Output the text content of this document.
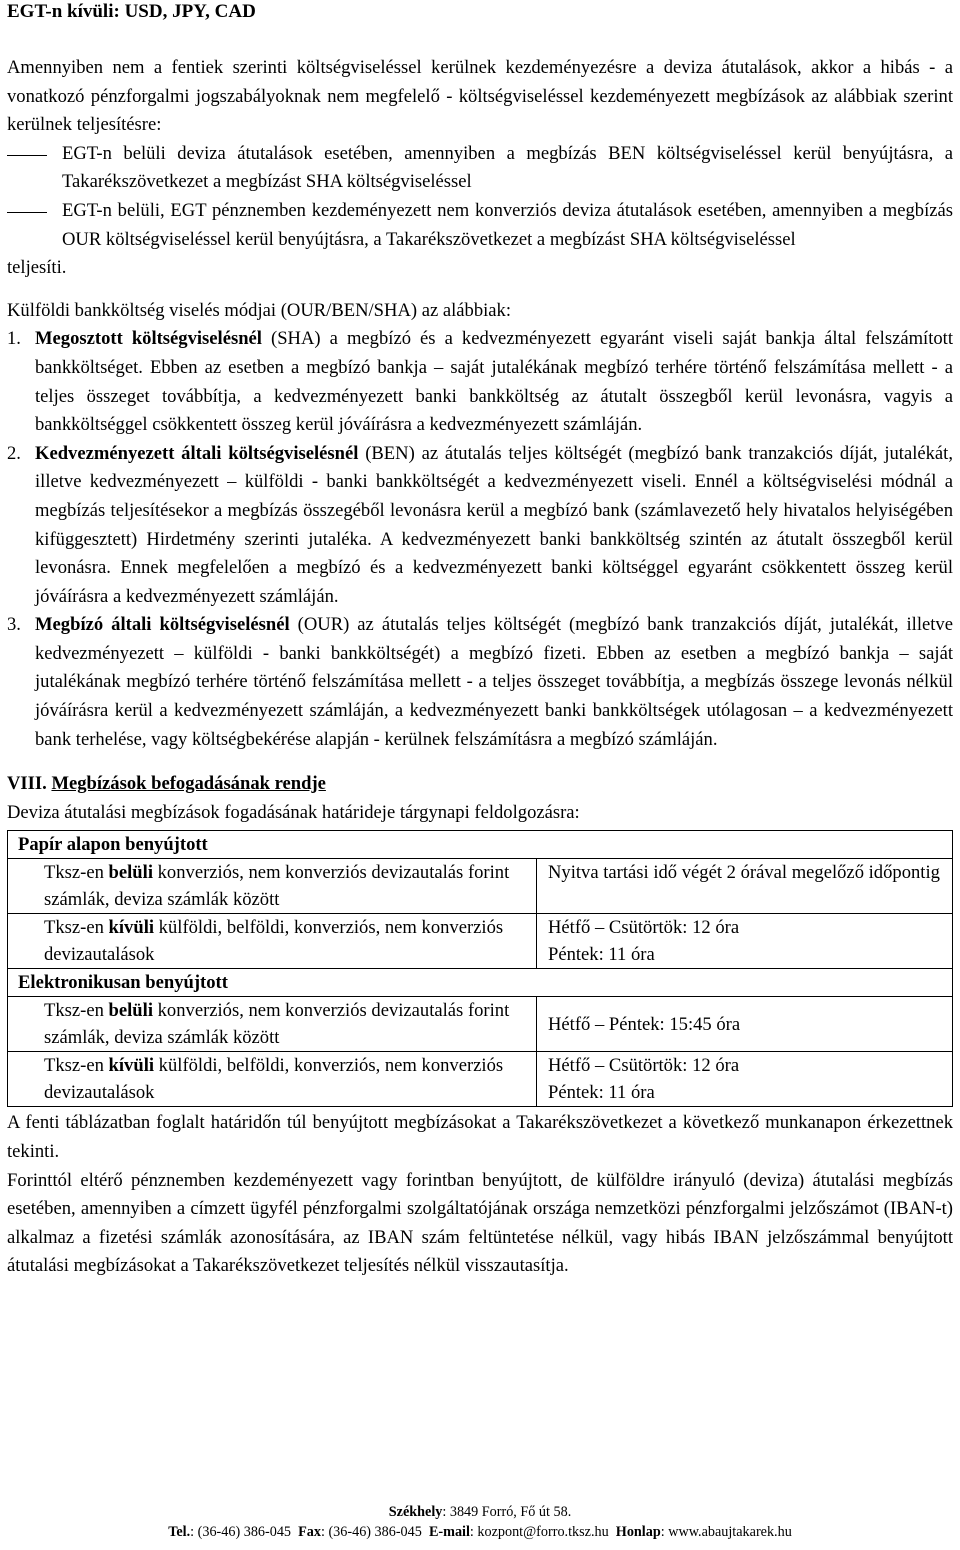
EGT-n kívüli: USD, JPY, CAD

Amennyiben nem a fentiek szerinti költségviseléssel kerülnek kezdeményezésre a deviza átutalások, akkor a hibás - a vonatkozó pénzforgalmi jogszabályoknak nem megfelelő - költségviseléssel kezdeményezett megbízások az alábbiak szerint kerülnek teljesítésre:

EGT-n belüli deviza átutalások esetében, amennyiben a megbízás BEN költségviseléssel kerül benyújtásra, a Takarékszövetkezet a megbízást SHA költségviseléssel
EGT-n belüli, EGT pénznemben kezdeményezett nem konverziós deviza átutalások esetében, amennyiben a megbízás OUR költségviseléssel kerül benyújtásra, a Takarékszövetkezet a megbízást SHA költségviseléssel

teljesíti.

Külföldi bankköltség viselés módjai (OUR/BEN/SHA) az alábbiak:

1. Megosztott költségviselésnél (SHA) a megbízó és a kedvezményezett egyaránt viseli saját bankja által felszámított bankköltséget. Ebben az esetben a megbízó bankja – saját jutalékának megbízó terhére történő felszámítása mellett - a teljes összeget továbbítja, a kedvezményezett banki bankköltség az átutalt összegből kerül levonásra, vagyis a bankköltséggel csökkentett összeg kerül jóváírásra a kedvezményezett számláján.
2. Kedvezményezett általi költségviselésnél (BEN) az átutalás teljes költségét (megbízó bank tranzakciós díját, jutalékát, illetve kedvezményezett – külföldi - banki bankköltségét a kedvezményezett viseli. Ennél a költségviselési módnál a megbízás teljesítésekor a megbízás összegéből levonásra kerül a megbízó bank (számlavezető hely hivatalos helyiségében kifüggesztett) Hirdetmény szerinti jutaléka. A kedvezményezett banki bankköltség szintén az átutalt összegből kerül levonásra. Ennek megfelelően a megbízó és a kedvezményezett banki költséggel egyaránt csökkentett összeg kerül jóváírásra a kedvezményezett számláján.
3. Megbízó általi költségviselésnél (OUR) az átutalás teljes költségét (megbízó bank tranzakciós díját, jutalékát, illetve kedvezményezett – külföldi - banki bankköltségét) a megbízó fizeti. Ebben az esetben a megbízó bankja – saját jutalékának megbízó terhére történő felszámítása mellett - a teljes összeget továbbítja, a megbízás összege levonás nélkül jóváírásra kerül a kedvezményezett számláján, a kedvezményezett banki bankköltségek utólagosan – a kedvezményezett bank terhelése, vagy költségbekérése alapján - kerülnek felszámításra a megbízó számláján.

VIII. Megbízások befogadásának rendje

Deviza átutalási megbízások fogadásának határideje tárgynapi feldolgozásra:

Papír alapon benyújtott	
Tksz-en belüli konverziós, nem konverziós devizautalás forint számlák, deviza számlák között	Nyitva tartási idő végét 2 órával megelőző időpontig
Tksz-en kívüli külföldi, belföldi, konverziós, nem konverziós devizautalások	Hétfő – Csütörtök: 12 óra
Péntek: 11 óra

Elektronikusan benyújtott	
Tksz-en belüli konverziós, nem konverziós devizautalás forint számlák, deviza számlák között	Hétfő – Péntek: 15:45 óra
Tksz-en kívüli külföldi, belföldi, konverziós, nem konverziós devizautalások	Hétfő – Csütörtök: 12 óra
Péntek: 11 óra

A fenti táblázatban foglalt határidőn túl benyújtott megbízásokat a Takarékszövetkezet a következő munkanapon érkezettnek tekinti.

Forinttól eltérő pénznemben kezdeményezett vagy forintban benyújtott, de külföldre irányuló (deviza) átutalási megbízás esetében, amennyiben a címzett ügyfél pénzforgalmi szolgáltatójának országa nemzetközi pénzforgalmi jelzőszámot (IBAN-t) alkalmaz a fizetési számlák azonosítására, az IBAN szám feltüntetése nélkül, vagy hibás IBAN jelzőszámmal benyújtott átutalási megbízásokat a Takarékszövetkezet teljesítés nélkül visszautasítja.

Székhely: 3849 Forró, Fő út 58.
Tel.: (36-46) 386-045 Fax: (36-46) 386-045 E-mail: kozpont@forro.tksz.hu Honlap: www.abaujtakarek.hu
